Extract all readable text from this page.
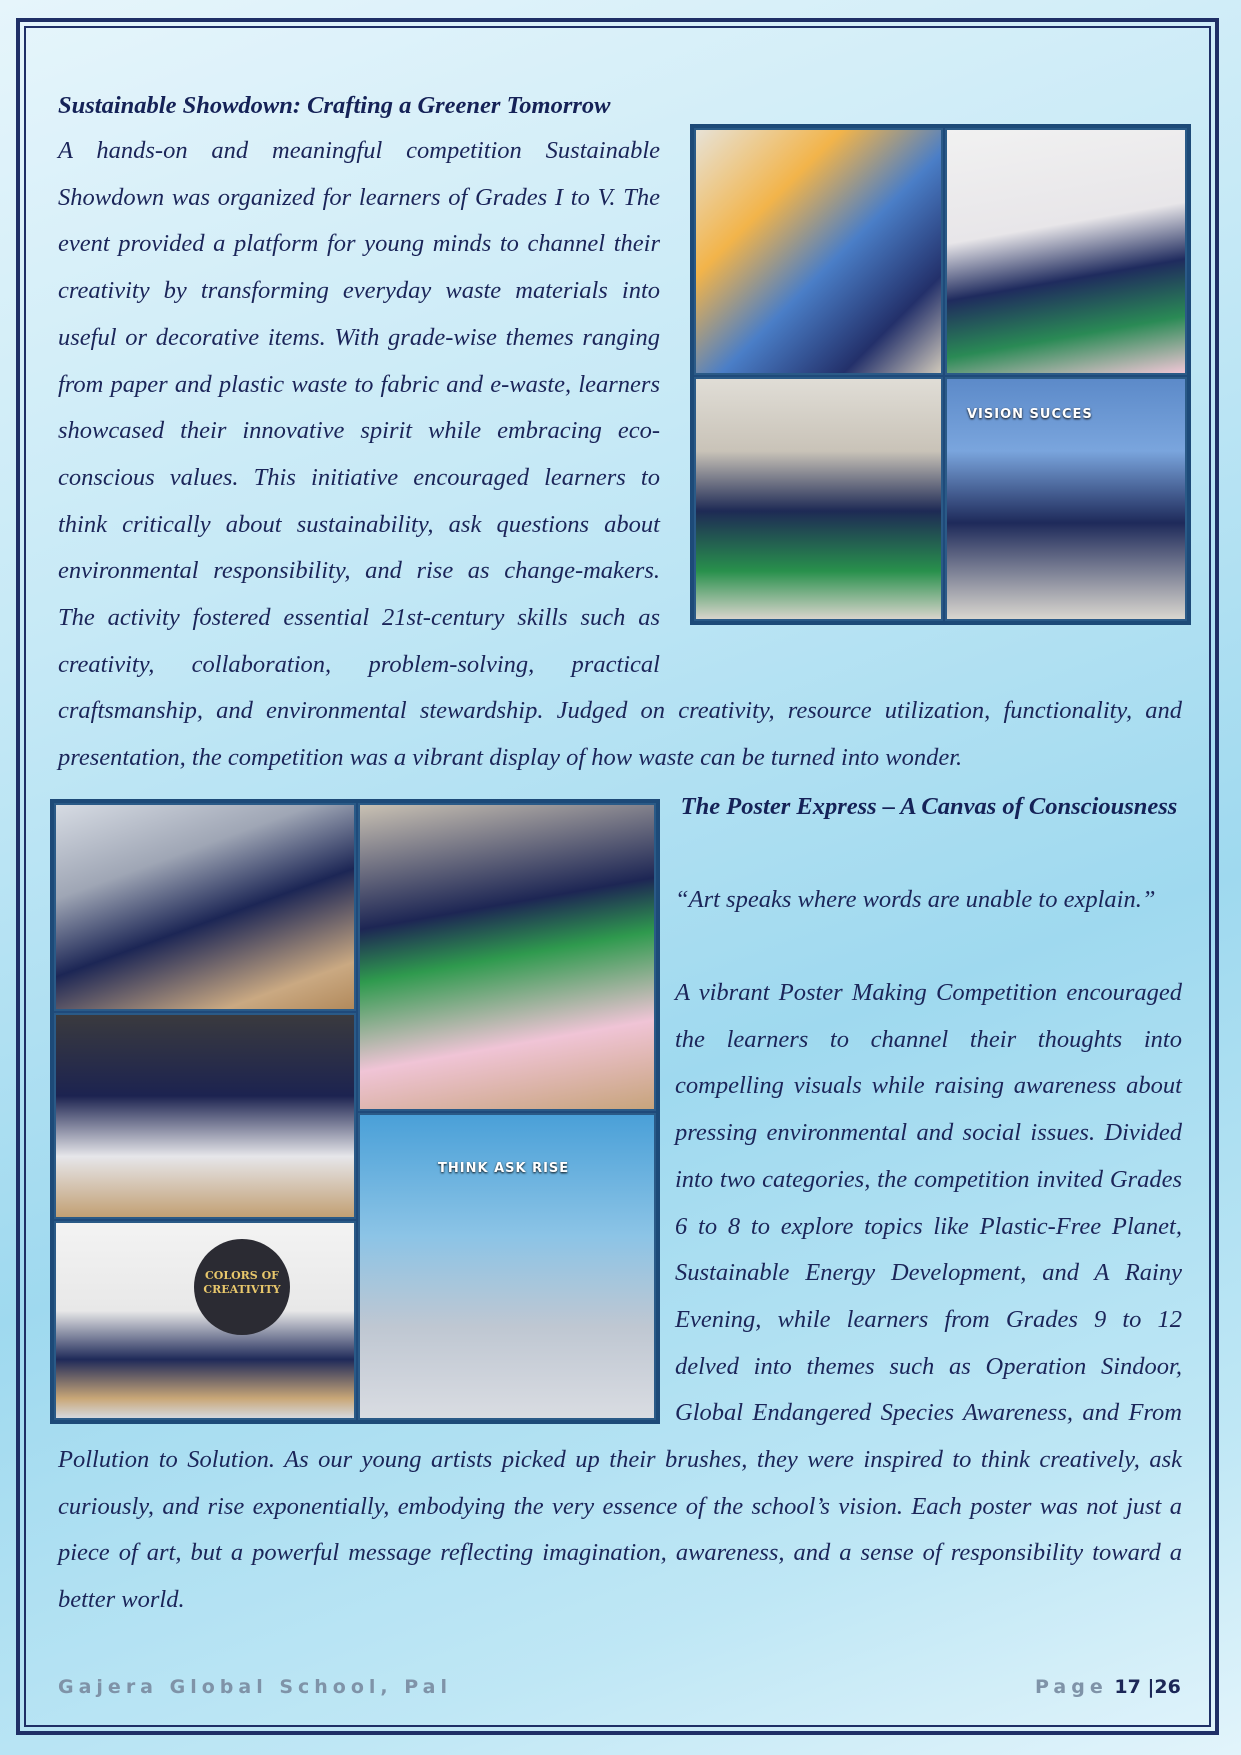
Sustainable Showdown: Crafting a Greener Tomorrow
VISION SUCCES
A hands-on and meaningful competition Sustainable Showdown was organized for learners of Grades I to V. The event provided a platform for young minds to channel their creativity by transforming everyday waste materials into useful or decorative items. With grade-wise themes ranging from paper and plastic waste to fabric and e-waste, learners showcased their innovative spirit while embracing eco-conscious values. This initiative encouraged learners to think critically about sustainability, ask questions about environmental responsibility, and rise as change-makers. The activity fostered essential 21st-century skills such as creativity, collaboration, problem-solving, practical craftsmanship, and environmental stewardship. Judged on creativity, resource utilization, functionality, and presentation, the competition was a vibrant display of how waste can be turned into wonder.
THINK ASK RISE
COLORS OF CREATIVITY
The Poster Express – A Canvas of Consciousness
“Art speaks where words are unable to explain.”
A vibrant Poster Making Competition encouraged the learners to channel their thoughts into compelling visuals while raising awareness about pressing environmental and social issues. Divided into two categories, the competition invited Grades 6 to 8 to explore topics like Plastic-Free Planet, Sustainable Energy Development, and A Rainy Evening, while learners from Grades 9 to 12 delved into themes such as Operation Sindoor, Global Endangered Species Awareness, and From Pollution to Solution. As our young artists picked up their brushes, they were inspired to think creatively, ask curiously, and rise exponentially, embodying the very essence of the school’s vision. Each poster was not just a piece of art, but a powerful message reflecting imagination, awareness, and a sense of responsibility toward a better world.
Gajera Global School, Pal	Page 17 |26
